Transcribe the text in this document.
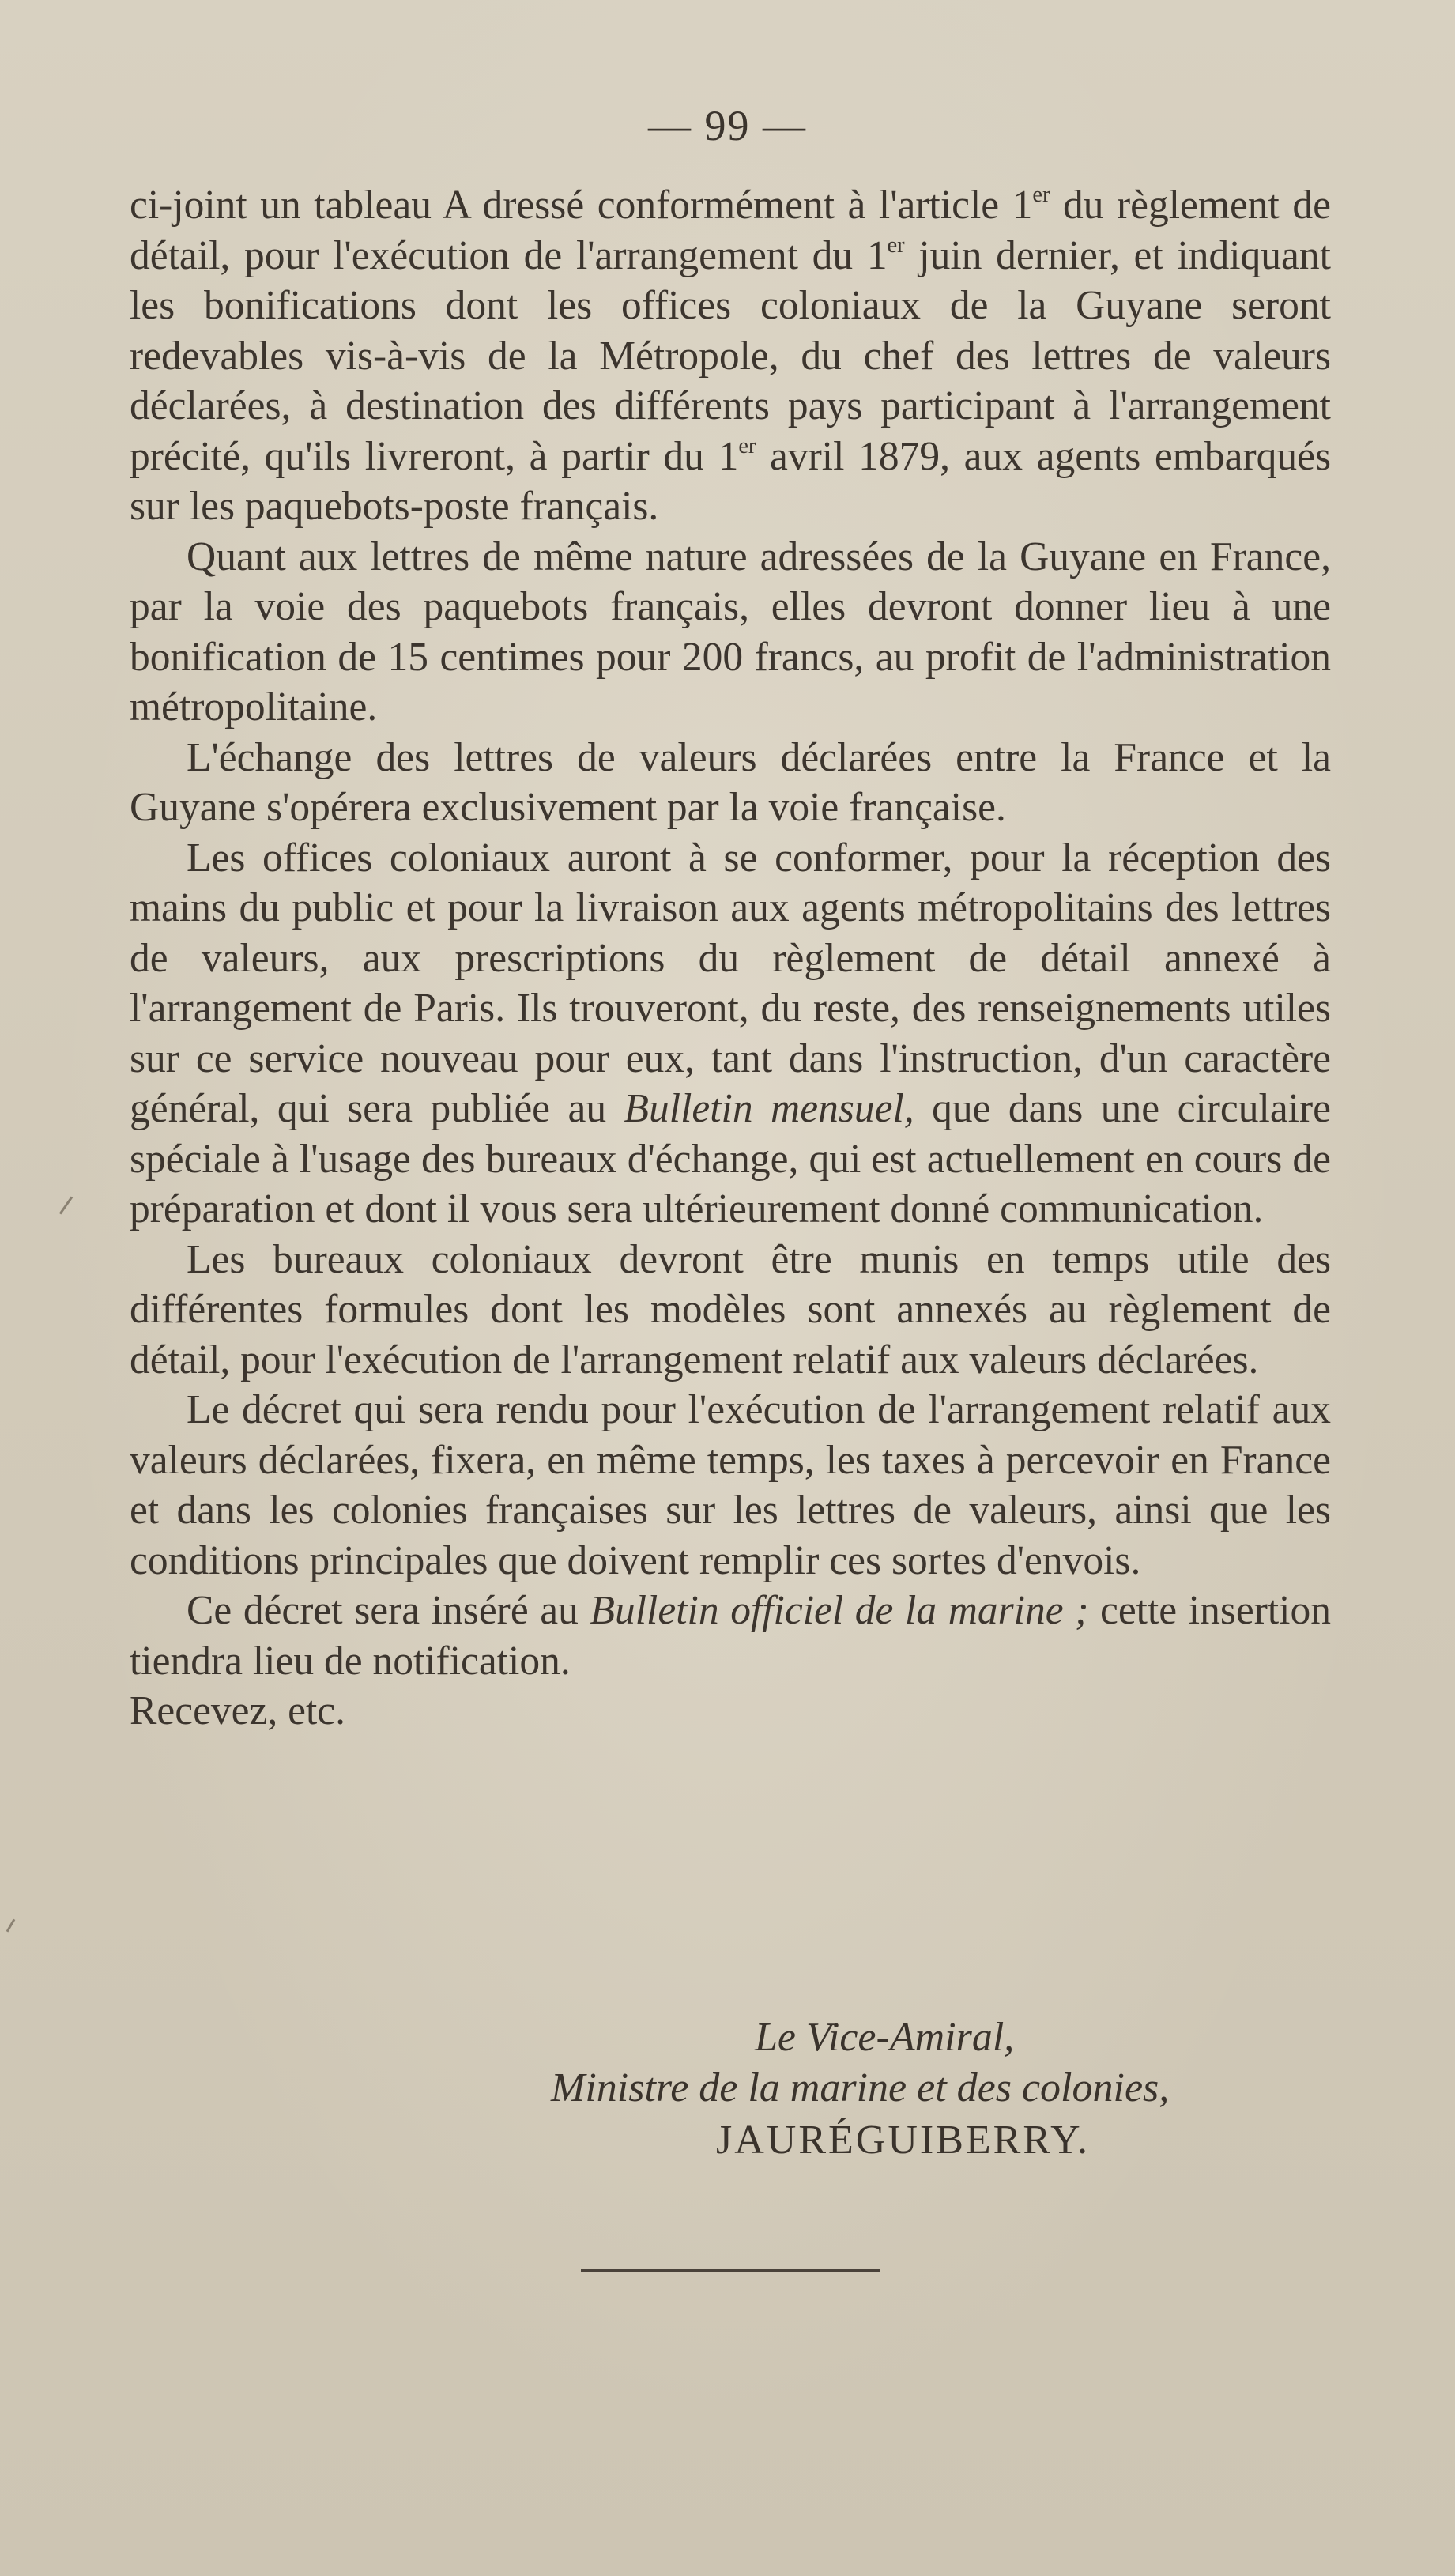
— 99 —

ci-joint un tableau A dressé conformément à l'article 1er du règlement de détail, pour l'exécution de l'arrangement du 1er juin dernier, et indiquant les bonifications dont les offices coloniaux de la Guyane seront redevables vis-à-vis de la Métropole, du chef des lettres de valeurs déclarées, à destination des différents pays participant à l'arrangement précité, qu'ils livreront, à partir du 1er avril 1879, aux agents embarqués sur les paquebots-poste français.

Quant aux lettres de même nature adressées de la Guyane en France, par la voie des paquebots français, elles devront donner lieu à une bonification de 15 centimes pour 200 francs, au profit de l'administration métropolitaine.

L'échange des lettres de valeurs déclarées entre la France et la Guyane s'opérera exclusivement par la voie française.

Les offices coloniaux auront à se conformer, pour la réception des mains du public et pour la livraison aux agents métropolitains des lettres de valeurs, aux prescriptions du règlement de détail annexé à l'arrangement de Paris. Ils trouveront, du reste, des renseignements utiles sur ce service nouveau pour eux, tant dans l'instruction, d'un caractère général, qui sera publiée au Bulletin mensuel, que dans une circulaire spéciale à l'usage des bureaux d'échange, qui est actuellement en cours de préparation et dont il vous sera ultérieurement donné communication.

Les bureaux coloniaux devront être munis en temps utile des différentes formules dont les modèles sont annexés au règlement de détail, pour l'exécution de l'arrangement relatif aux valeurs déclarées.

Le décret qui sera rendu pour l'exécution de l'arrangement relatif aux valeurs déclarées, fixera, en même temps, les taxes à percevoir en France et dans les colonies françaises sur les lettres de valeurs, ainsi que les conditions principales que doivent remplir ces sortes d'envois.

Ce décret sera inséré au Bulletin officiel de la marine ; cette insertion tiendra lieu de notification.

Recevez, etc.

Le Vice-Amiral,
Ministre de la marine et des colonies,
JAURÉGUIBERRY.
